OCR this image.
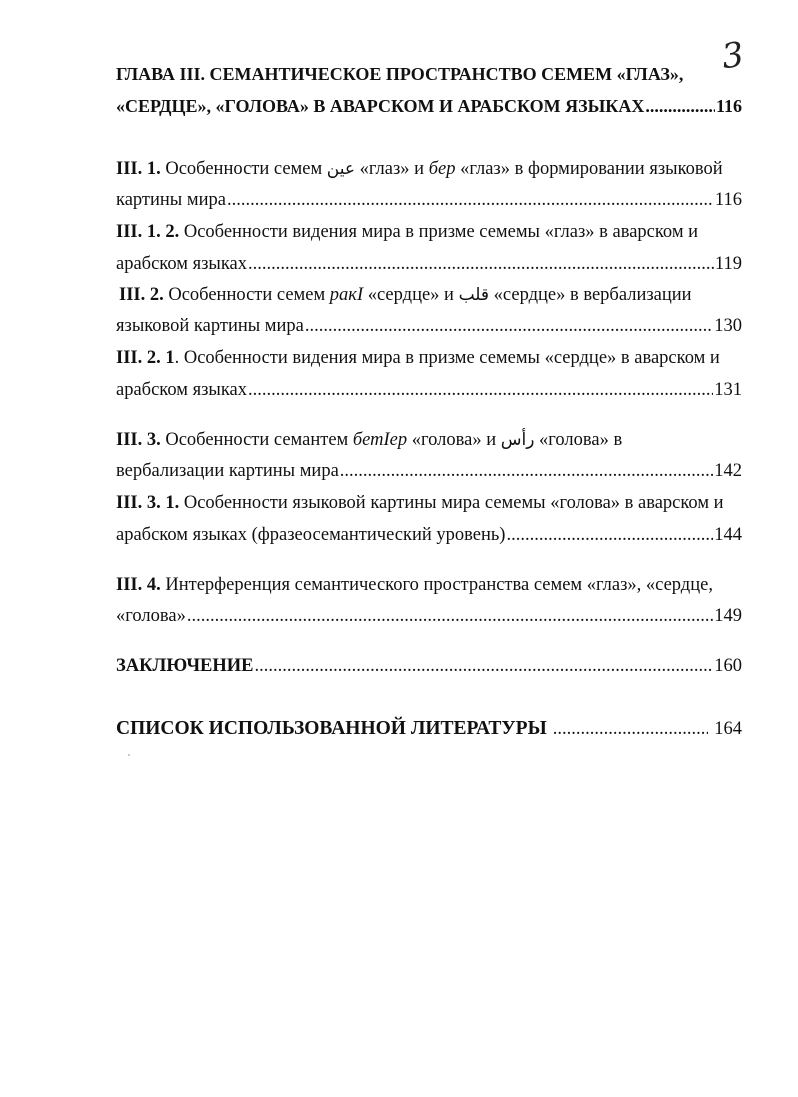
3
ГЛАВА III. СЕМАНТИЧЕСКОЕ ПРОСТРАНСТВО СЕМЕМ «ГЛАЗ»,
«СЕРДЦЕ», «ГОЛОВА» В АВАРСКОМ И АРАБСКОМ ЯЗЫКАХ .....	116
III. 1. Особенности семем عين «глаз» и бер «глаз» в формировании языковой
картины мира .....	116
III. 1. 2. Особенности видения мира в призме семемы «глаз» в аварском и
арабском языках .....	119
III. 2. Особенности семем ракI «сердце» и قلب «сердце» в вербализации
языковой картины мира .....	130
III. 2. 1. Особенности видения мира в призме семемы «сердце» в аварском и
арабском языках .....	131
III. 3. Особенности семантем бетIер «голова» и رأس «голова» в
вербализации картины мира .....	142
III. 3. 1. Особенности языковой картины мира семемы «голова» в аварском и
арабском языках (фразеосемантический уровень) .....	144
III. 4. Интерференция семантического пространства семем «глаз», «сердце,
«голова» .....	149
ЗАКЛЮЧЕНИЕ .....	160
СПИСОК ИСПОЛЬЗОВАННОЙ ЛИТЕРАТУРЫ .....	164
